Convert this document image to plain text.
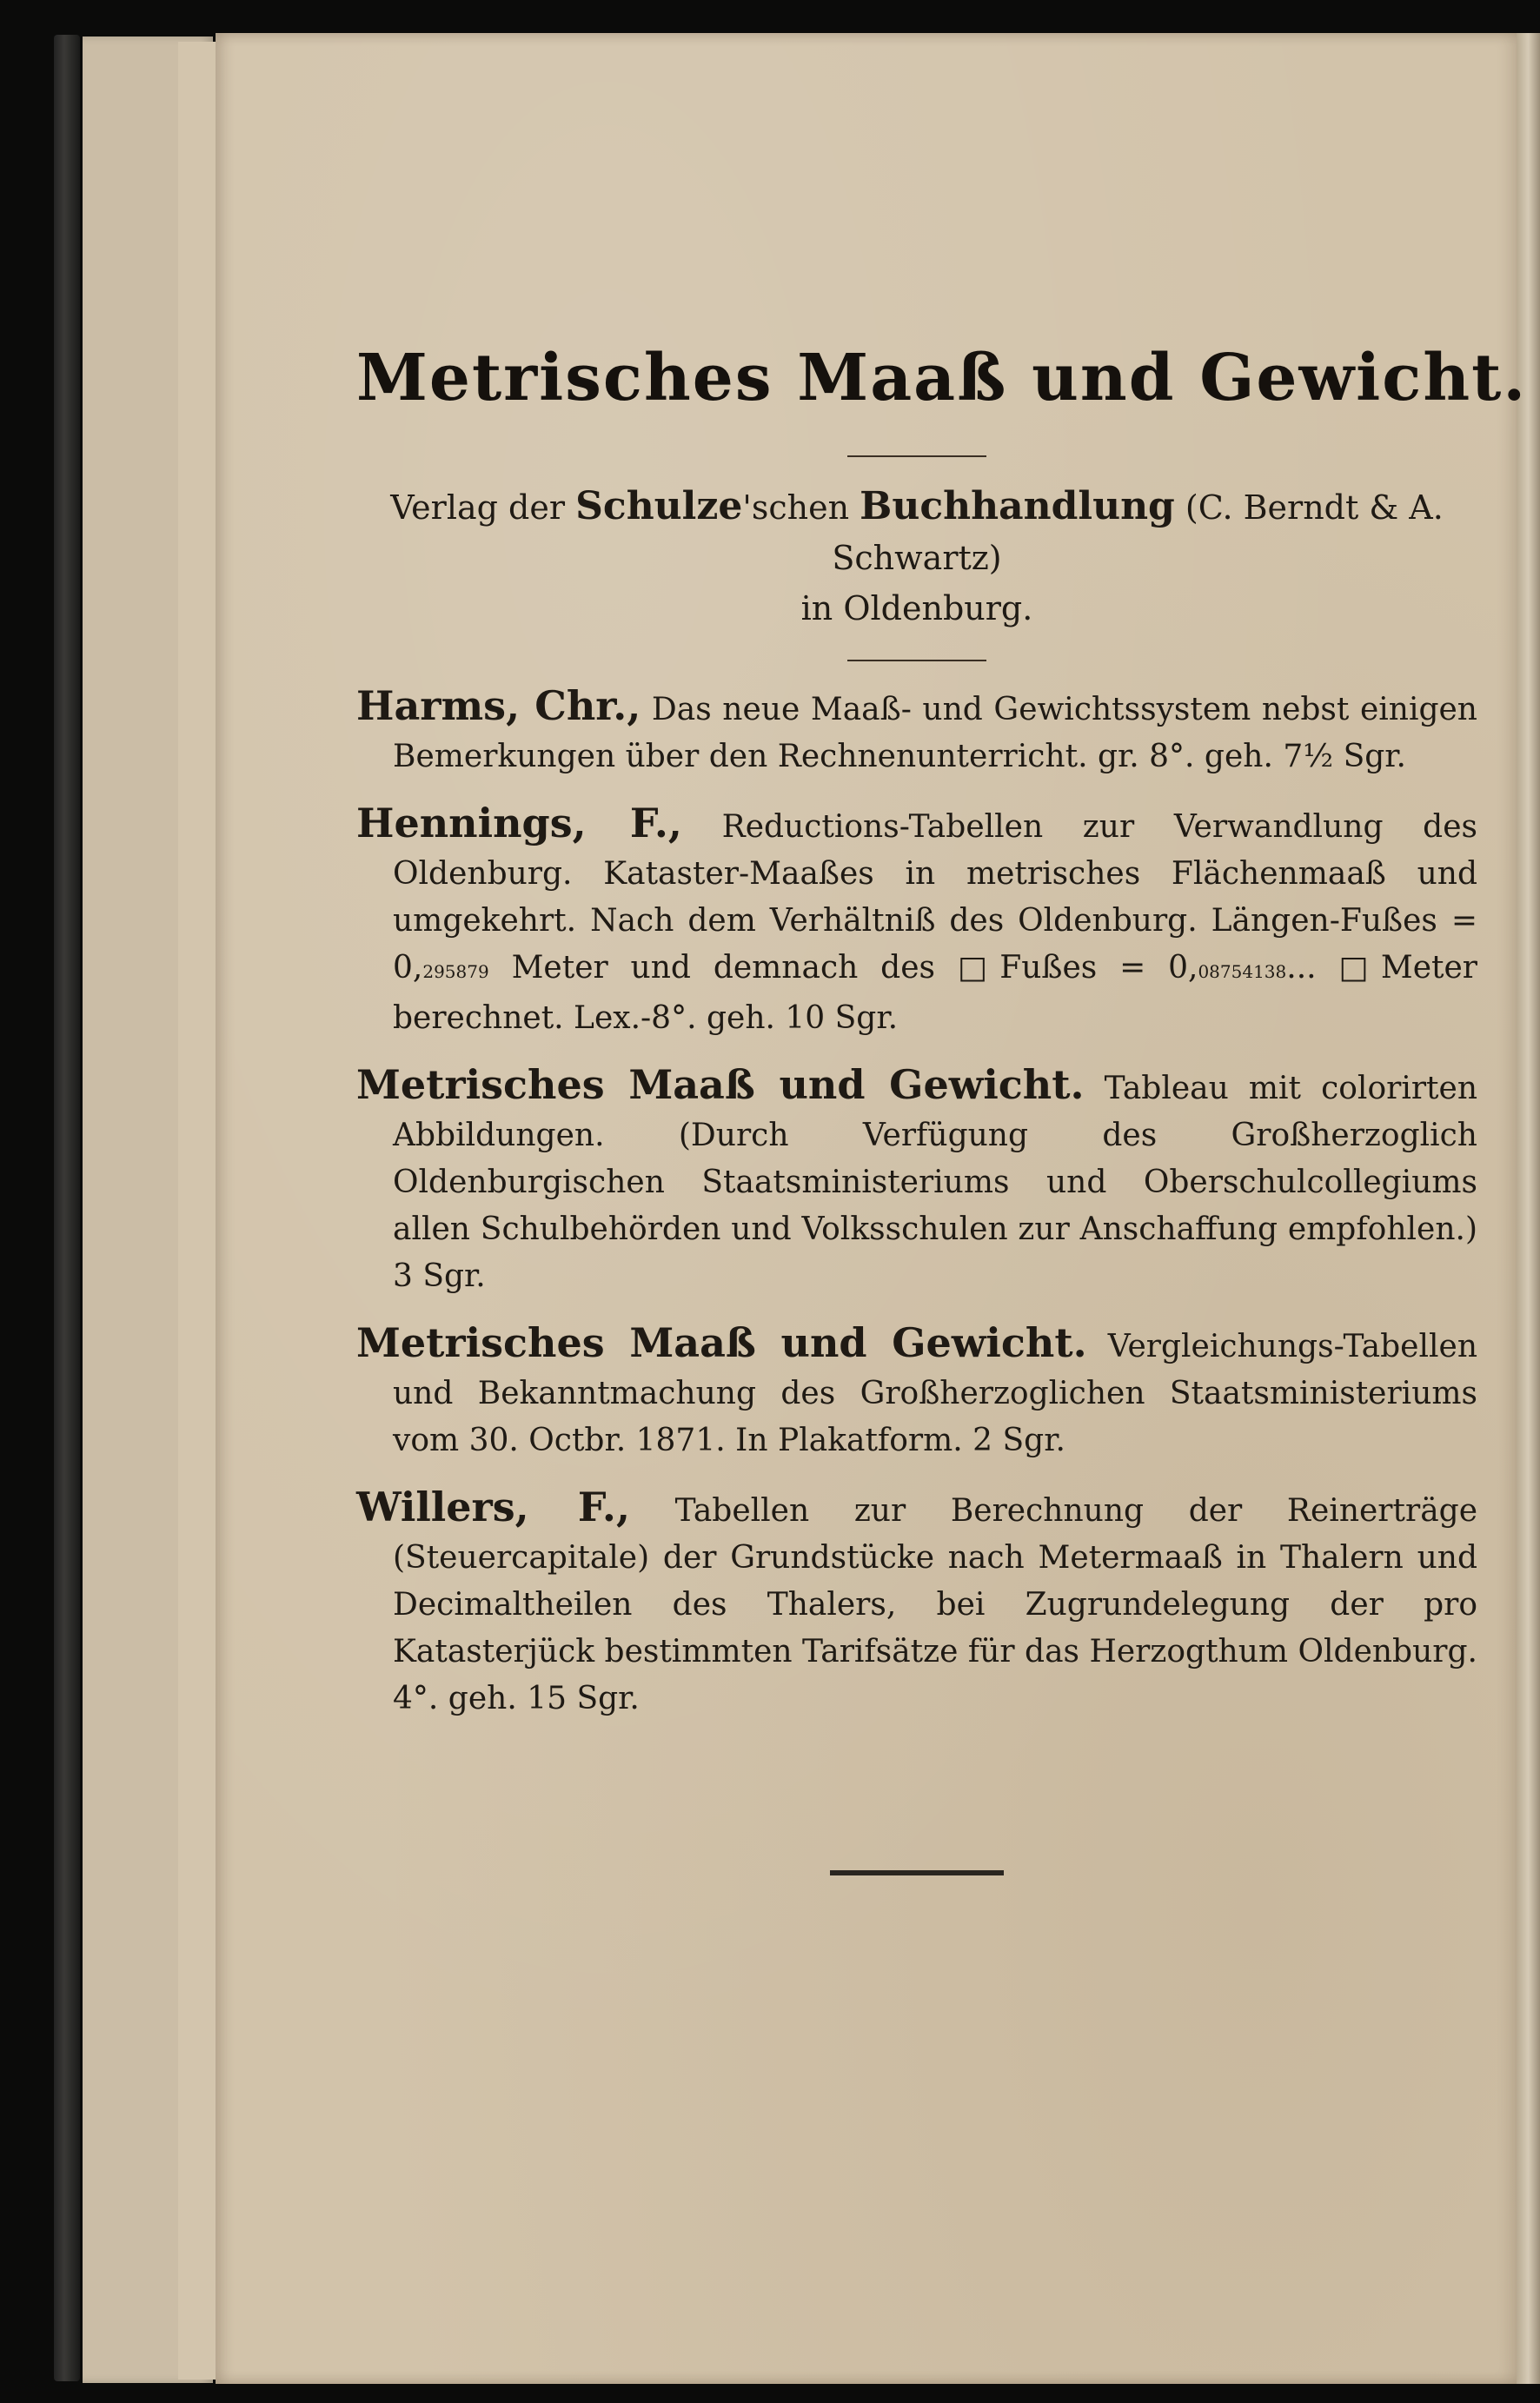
Metrisches Maaß und Gewicht.
Verlag der Schulze'schen Buchhandlung (C. Berndt & A. Schwartz)
in Oldenburg.
Harms, Chr., Das neue Maaß- und Gewichtssystem nebst einigen Bemerkungen über den Rechnenunterricht. gr. 8°. geh. 7½ Sgr.
Hennings, F., Reductions-Tabellen zur Verwandlung des Oldenburg. Kataster-Maaßes in metrisches Flächenmaaß und umgekehrt. Nach dem Verhältniß des Oldenburg. Längen-Fußes = 0,295879 Meter und demnach des □Fußes = 0,08754138... □Meter berechnet. Lex.-8°. geh. 10 Sgr.
Metrisches Maaß und Gewicht. Tableau mit colorirten Abbildungen. (Durch Verfügung des Großherzoglich Oldenburgischen Staatsministeriums und Oberschulcollegiums allen Schulbehörden und Volksschulen zur Anschaffung empfohlen.) 3 Sgr.
Metrisches Maaß und Gewicht. Vergleichungs-Tabellen und Bekanntmachung des Großherzoglichen Staatsministeriums vom 30. Octbr. 1871. In Plakatform. 2 Sgr.
Willers, F., Tabellen zur Berechnung der Reinerträge (Steuercapitale) der Grundstücke nach Metermaaß in Thalern und Decimaltheilen des Thalers, bei Zugrundelegung der pro Katasterjück bestimmten Tarifsätze für das Herzogthum Oldenburg. 4°. geh. 15 Sgr.
